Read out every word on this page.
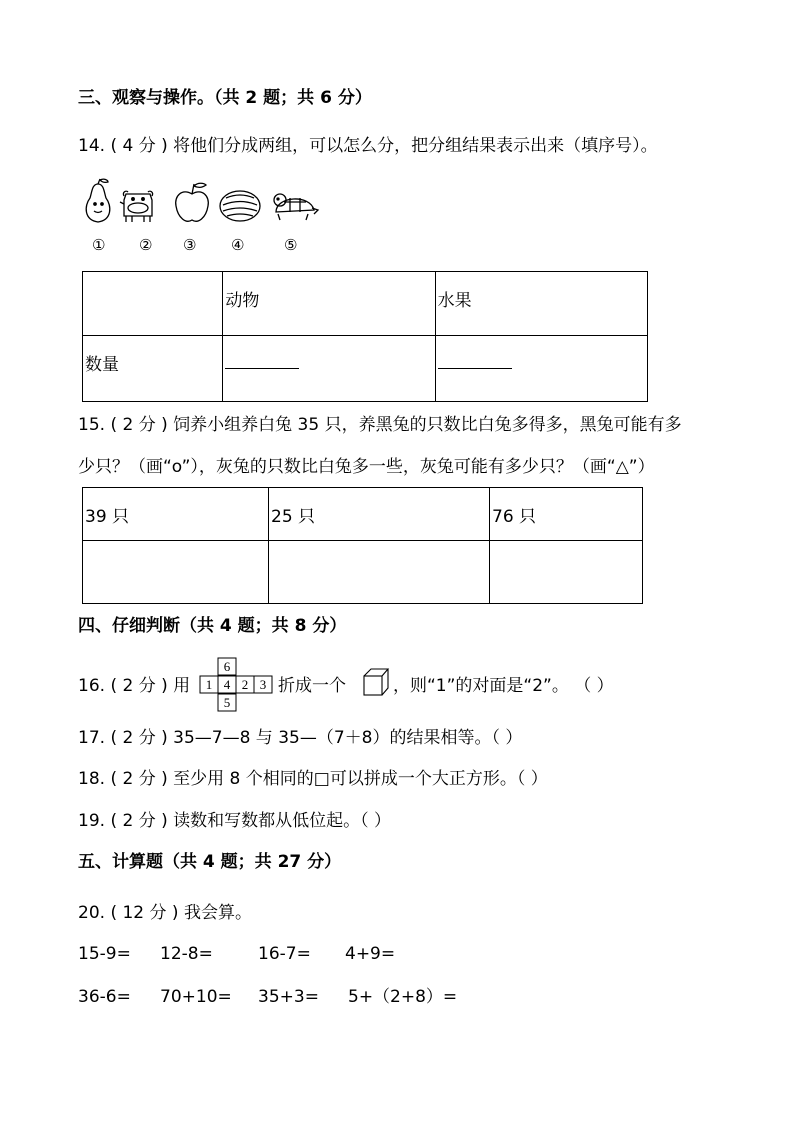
三、观察与操作。（共 2 题；共 6 分）
14. ( 4 分 ) 将他们分成两组，可以怎么分，把分组结果表示出来（填序号）。
① ② ③ ④	⑤

	动物	水果

数量		

15. ( 2 分 ) 饲养小组养白兔 35 只，养黑兔的只数比白兔多得多，黑兔可能有多
少只？（画“o”），灰兔的只数比白兔多一些，灰兔可能有多少只？（画“△”）
39 只	25 只	76 只

四、仔细判断（共 4 题；共 8 分）
16. ( 2 分 ) 用
6
1 4 2 3
5
折成一个	，则“1”的对面是“2”。 （ ）
17. ( 2 分 ) 35—7—8 与 35—（7＋8）的结果相等。（ ）
18. ( 2 分 ) 至少用 8 个相同的□可以拼成一个大正方形。（ ）
19. ( 2 分 ) 读数和写数都从低位起。（ ）
五、计算题（共 4 题；共 27 分）
20. ( 12 分 ) 我会算。
15-9= 12-8=	16-7= 4+9=
36-6= 70+10= 35+3= 5+（2+8）=
